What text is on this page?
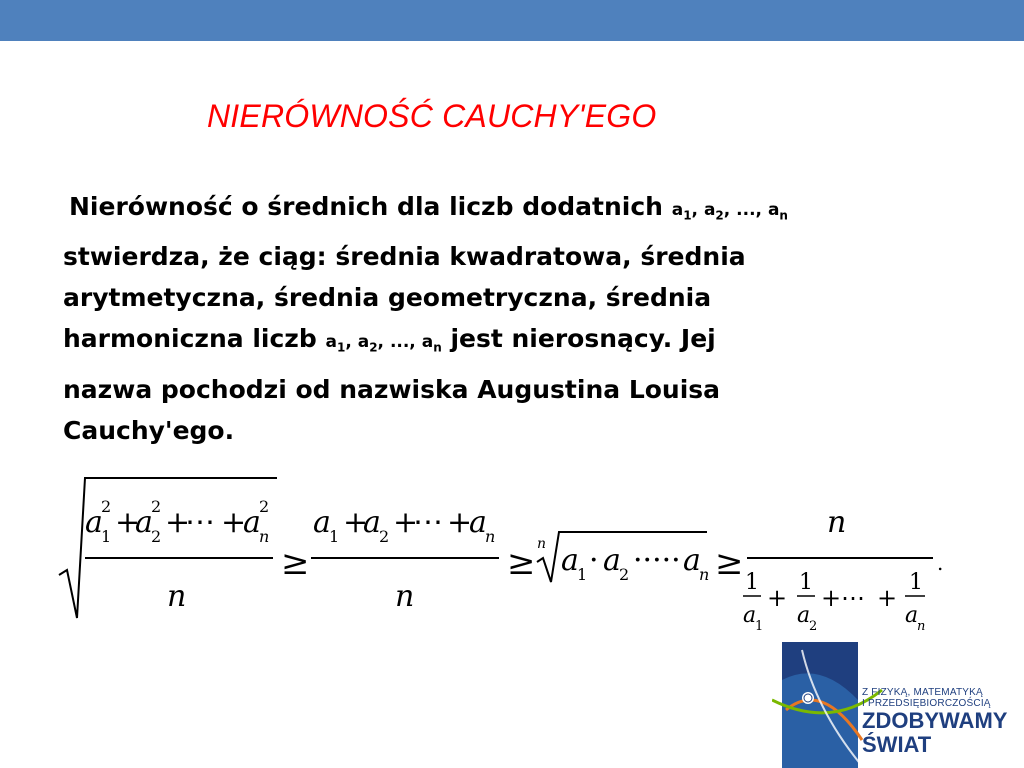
NIERÓWNOŚĆ CAUCHY'EGO
Nierówność o średnich dla liczb dodatnich $a_1$, $a_2$, ..., $a_n$
stwierdza, że ciąg: średnia kwadratowa, średnia
arytmetyczna, średnia geometryczna, średnia
harmoniczna liczb $a_1$, $a_2$, ..., $a_n$ jest nierosnący. Jej
nazwa pochodzi od nazwiska Augustina Louisa
Cauchy'ego.
a
1
2 +
a
2
2 +
⋯ +
a
n
2
n
≥
a
1 +
a
2 +
⋯ +
a
n
n
≥ n a
1 · a
2 ····· a
n ≥
n
1
a
1
+
1
a
2
+ ⋯ +
1
a
n
.
Z FIZYKĄ, MATEMATYKĄ
I PRZEDSIĘBIORCZOŚCIĄ
ZDOBYWAMY
ŚWIAT
